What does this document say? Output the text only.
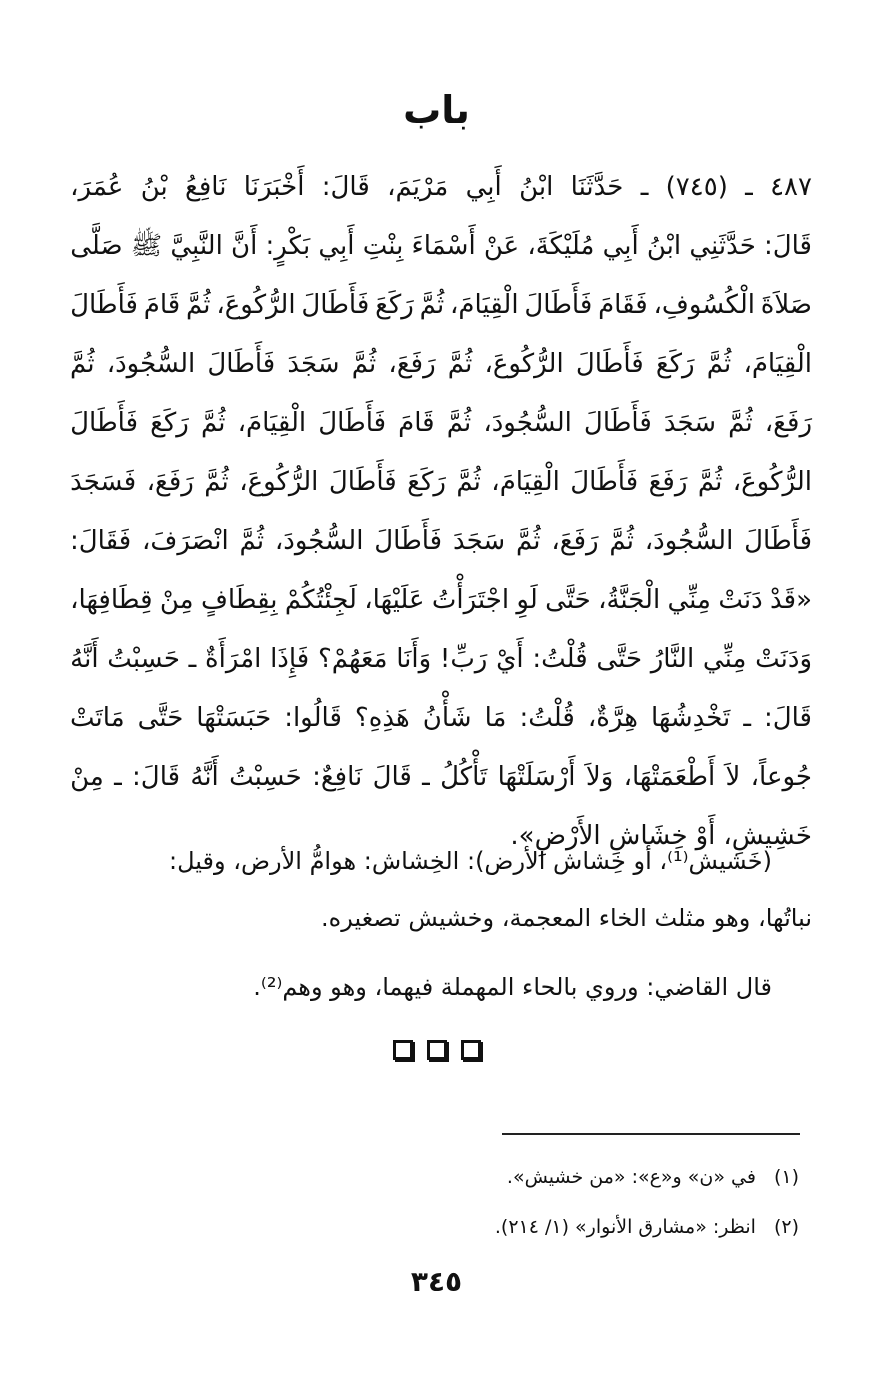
باب
٤٨٧
ـ
(٧٤٥)
ـ
حَدَّثَنَا
ابْنُ
أَبِي
مَرْيَمَ،
قَالَ:
أَخْبَرَنَا
نَافِعُ
بْنُ
عُمَرَ،
قَالَ:
حَدَّثَنِي
ابْنُ
أَبِي
مُلَيْكَةَ،
عَنْ
أَسْمَاءَ
بِنْتِ
أَبِي
بَكْرٍ:
أَنَّ
النَّبِيَّ
ﷺ
صَلَّى
صَلاَةَ
الْكُسُوفِ،
فَقَامَ
فَأَطَالَ
الْقِيَامَ،
ثُمَّ
رَكَعَ
فَأَطَالَ
الرُّكُوعَ،
ثُمَّ
قَامَ
فَأَطَالَ
الْقِيَامَ،
ثُمَّ
رَكَعَ
فَأَطَالَ
الرُّكُوعَ،
ثُمَّ
رَفَعَ،
ثُمَّ
سَجَدَ
فَأَطَالَ
السُّجُودَ،
ثُمَّ
رَفَعَ،
ثُمَّ
سَجَدَ
فَأَطَالَ
السُّجُودَ،
ثُمَّ
قَامَ
فَأَطَالَ
الْقِيَامَ،
ثُمَّ
رَكَعَ
فَأَطَالَ
الرُّكُوعَ،
ثُمَّ
رَفَعَ
فَأَطَالَ
الْقِيَامَ،
ثُمَّ
رَكَعَ
فَأَطَالَ
الرُّكُوعَ،
ثُمَّ
رَفَعَ،
فَسَجَدَ
فَأَطَالَ
السُّجُودَ،
ثُمَّ
رَفَعَ،
ثُمَّ
سَجَدَ
فَأَطَالَ
السُّجُودَ،
ثُمَّ
انْصَرَفَ،
فَقَالَ:
«قَدْ
دَنَتْ
مِنِّي
الْجَنَّةُ،
حَتَّى
لَوِ
اجْتَرَأْتُ
عَلَيْهَا،
لَجِئْتُكُمْ
بِقِطَافٍ
مِنْ
قِطَافِهَا،
وَدَنَتْ
مِنِّي
النَّارُ
حَتَّى
قُلْتُ:
أَيْ
رَبِّ!
وَأَنَا
مَعَهُمْ؟
فَإِذَا
امْرَأَةٌ
ـ
حَسِبْتُ
أَنَّهُ
قَالَ:
ـ
تَخْدِشُهَا
هِرَّةٌ،
قُلْتُ:
مَا
شَأْنُ
هَذِهِ؟
قَالُوا:
حَبَسَتْهَا
حَتَّى
مَاتَتْ
جُوعاً،
لاَ
أَطْعَمَتْهَا،
وَلاَ
أَرْسَلَتْهَا
تَأْكُلُ
ـ
قَالَ
نَافِعٌ:
حَسِبْتُ
أَنَّهُ
قَالَ:
ـ
مِنْ
خَشِيشِ،
أَوْ
خِشَاشِ
الأَرْضِ».
(خَشيش⁽¹⁾، أو خِشاش الأرض): الخِشاش: هوامُّ الأرض، وقيل:
نباتُها، وهو مثلث الخاء المعجمة، وخشيش تصغيره.
قال القاضي: وروي بالحاء المهملة فيهما، وهو وهم⁽²⁾.
(١)في «ن» و«ع»: «من خشيش».
(٢)انظر: «مشارق الأنوار» (١/ ٢١٤).
٣٤٥
